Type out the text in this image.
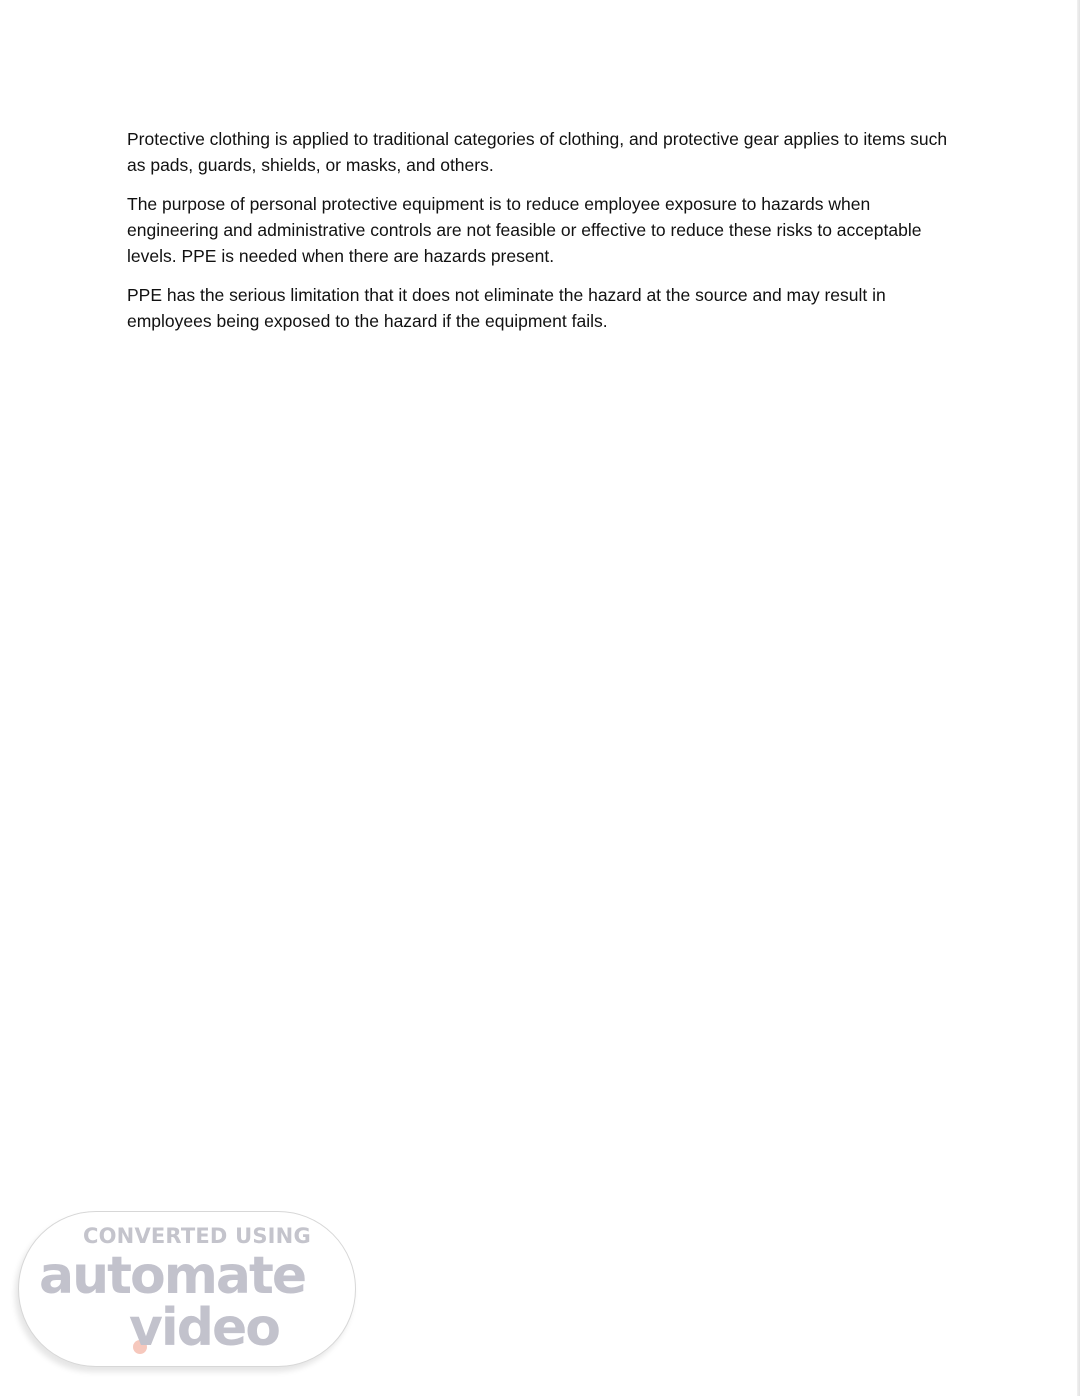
Protective clothing is applied to traditional categories of clothing, and protective gear applies to items such as pads, guards, shields, or masks, and others.

The purpose of personal protective equipment is to reduce employee exposure to hazards when engineering and administrative controls are not feasible or effective to reduce these risks to acceptable levels. PPE is needed when there are hazards present.

PPE has the serious limitation that it does not eliminate the hazard at the source and may result in employees being exposed to the hazard if the equipment fails.

CONVERTED USING
automate
video
